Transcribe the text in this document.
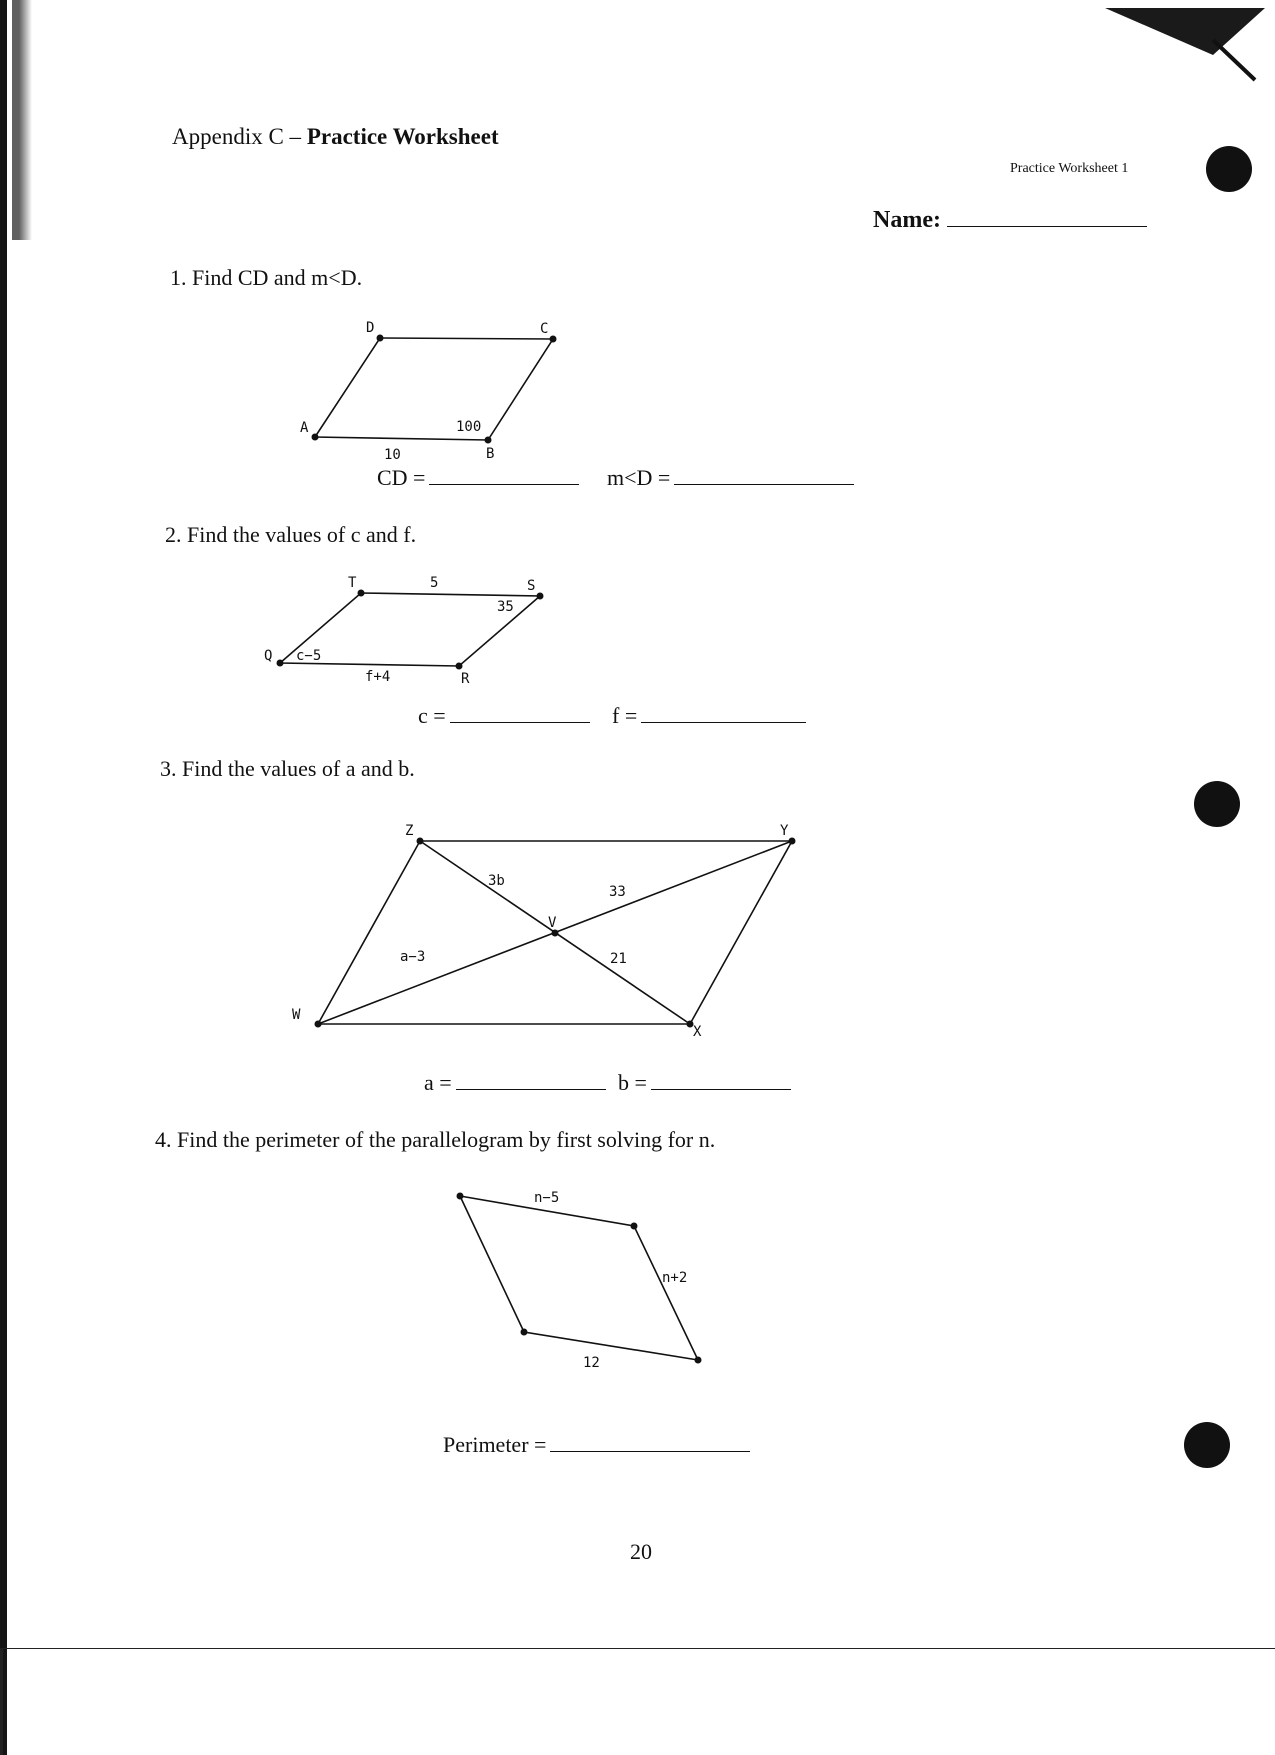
Appendix C – Practice Worksheet
Practice Worksheet 1
Name:
1. Find CD and m<D.
D	C
A
B
100
10
CD =	m<D =
2. Find the values of c and f.
T	S
Q
R
5
35
c−5
f+4
c =	f =
3. Find the values of a and b.
Z	Y
W
X
V
3b
33
a−3	21
a =	b =
4. Find the perimeter of the parallelogram by first solving for n.
n−5
n+2
12
Perimeter =
20
